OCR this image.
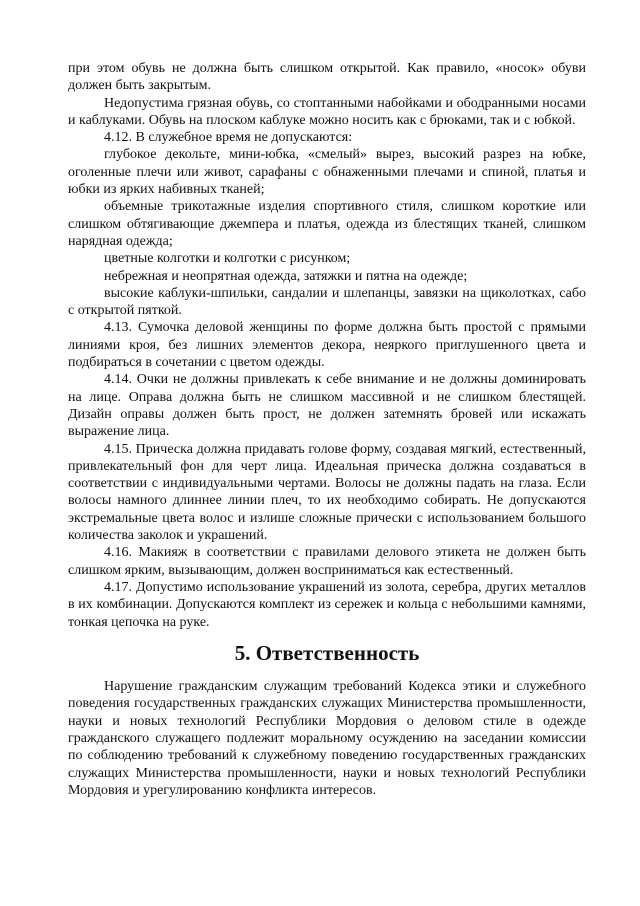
при этом обувь не должна быть слишком открытой. Как правило, «носок» обуви должен быть закрытым.

Недопустима грязная обувь, со стоптанными набойками и ободранными носами и каблуками. Обувь на плоском каблуке можно носить как с брюками, так и с юбкой.

4.12. В служебное время не допускаются:

глубокое декольте, мини-юбка, «смелый» вырез, высокий разрез на юбке, оголенные плечи или живот, сарафаны с обнаженными плечами и спиной, платья и юбки из ярких набивных тканей;

объемные трикотажные изделия спортивного стиля, слишком короткие или слишком обтягивающие джемпера и платья, одежда из блестящих тканей, слишком нарядная одежда;

цветные колготки и колготки с рисунком;

небрежная и неопрятная одежда, затяжки и пятна на одежде;

высокие каблуки-шпильки, сандалии и шлепанцы, завязки на щиколотках, сабо с открытой пяткой.

4.13. Сумочка деловой женщины по форме должна быть простой с прямыми линиями кроя, без лишних элементов декора, неяркого приглушенного цвета и подбираться в сочетании с цветом одежды.

4.14. Очки не должны привлекать к себе внимание и не должны доминировать на лице. Оправа должна быть не слишком массивной и не слишком блестящей. Дизайн оправы должен быть прост, не должен затемнять бровей или искажать выражение лица.

4.15. Прическа должна придавать голове форму, создавая мягкий, естественный, привлекательный фон для черт лица. Идеальная прическа должна создаваться в соответствии с индивидуальными чертами. Волосы не должны падать на глаза. Если волосы намного длиннее линии плеч, то их необходимо собирать. Не допускаются экстремальные цвета волос и излише сложные прически с использованием большого количества заколок и украшений.

4.16. Макияж в соответствии с правилами делового этикета не должен быть слишком ярким, вызывающим, должен восприниматься как естественный.

4.17. Допустимо использование украшений из золота, серебра, других металлов в их комбинации. Допускаются комплект из сережек и кольца с небольшими камнями, тонкая цепочка на руке.

5. Ответственность

Нарушение гражданским служащим требований Кодекса этики и служебного поведения государственных гражданских служащих Министерства промышленности, науки и новых технологий Республики Мордовия о деловом стиле в одежде гражданского служащего подлежит моральному осуждению на заседании комиссии по соблюдению требований к служебному поведению государственных гражданских служащих Министерства промышленности, науки и новых технологий Республики Мордовия и урегулированию конфликта интересов.
